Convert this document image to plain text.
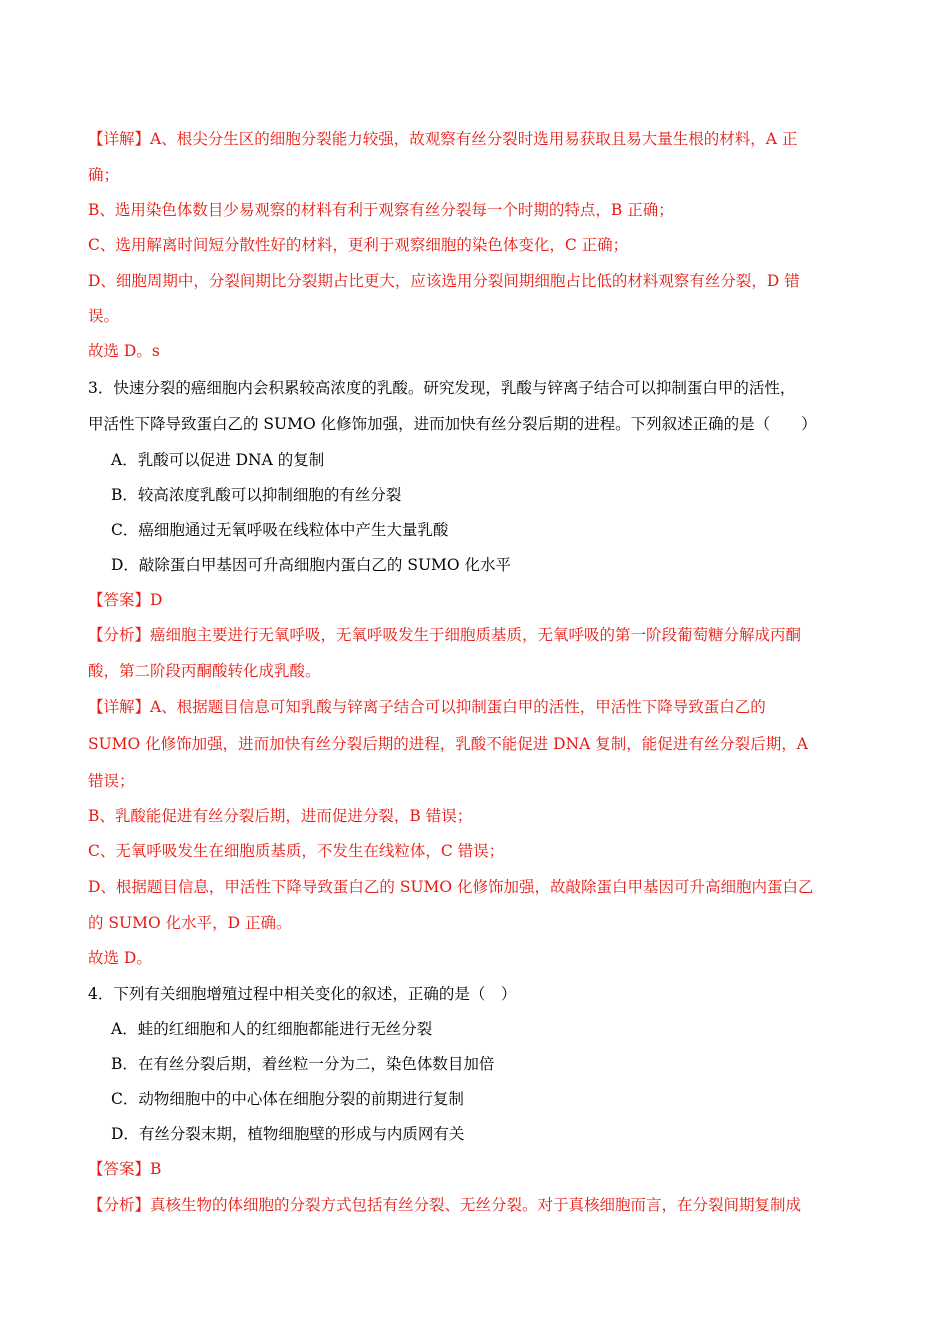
【详解】A、根尖分生区的细胞分裂能力较强，故观察有丝分裂时选用易获取且易大量生根的材料，A 正
确；
B、选用染色体数目少易观察的材料有利于观察有丝分裂每一个时期的特点，B 正确；
C、选用解离时间短分散性好的材料，更利于观察细胞的染色体变化，C 正确；
D、细胞周期中，分裂间期比分裂期占比更大，应该选用分裂间期细胞占比低的材料观察有丝分裂，D 错
误。
故选 D。s
3．快速分裂的癌细胞内会积累较高浓度的乳酸。研究发现，乳酸与锌离子结合可以抑制蛋白甲的活性，
甲活性下降导致蛋白乙的 SUMO 化修饰加强，进而加快有丝分裂后期的进程。下列叙述正确的是（　　）
A．乳酸可以促进 DNA 的复制
B．较高浓度乳酸可以抑制细胞的有丝分裂
C．癌细胞通过无氧呼吸在线粒体中产生大量乳酸
D．敲除蛋白甲基因可升高细胞内蛋白乙的 SUMO 化水平
【答案】D
【分析】癌细胞主要进行无氧呼吸，无氧呼吸发生于细胞质基质，无氧呼吸的第一阶段葡萄糖分解成丙酮
酸，第二阶段丙酮酸转化成乳酸。
【详解】A、根据题目信息可知乳酸与锌离子结合可以抑制蛋白甲的活性，甲活性下降导致蛋白乙的
SUMO 化修饰加强，进而加快有丝分裂后期的进程，乳酸不能促进 DNA 复制，能促进有丝分裂后期，A
错误；
B、乳酸能促进有丝分裂后期，进而促进分裂，B 错误；
C、无氧呼吸发生在细胞质基质，不发生在线粒体，C 错误；
D、根据题目信息，甲活性下降导致蛋白乙的 SUMO 化修饰加强，故敲除蛋白甲基因可升高细胞内蛋白乙
的 SUMO 化水平，D 正确。
故选 D。
4．下列有关细胞增殖过程中相关变化的叙述，正确的是（　）
A．蛙的红细胞和人的红细胞都能进行无丝分裂
B．在有丝分裂后期，着丝粒一分为二，染色体数目加倍
C．动物细胞中的中心体在细胞分裂的前期进行复制
D．有丝分裂末期，植物细胞壁的形成与内质网有关
【答案】B
【分析】真核生物的体细胞的分裂方式包括有丝分裂、无丝分裂。对于真核细胞而言，在分裂间期复制成
